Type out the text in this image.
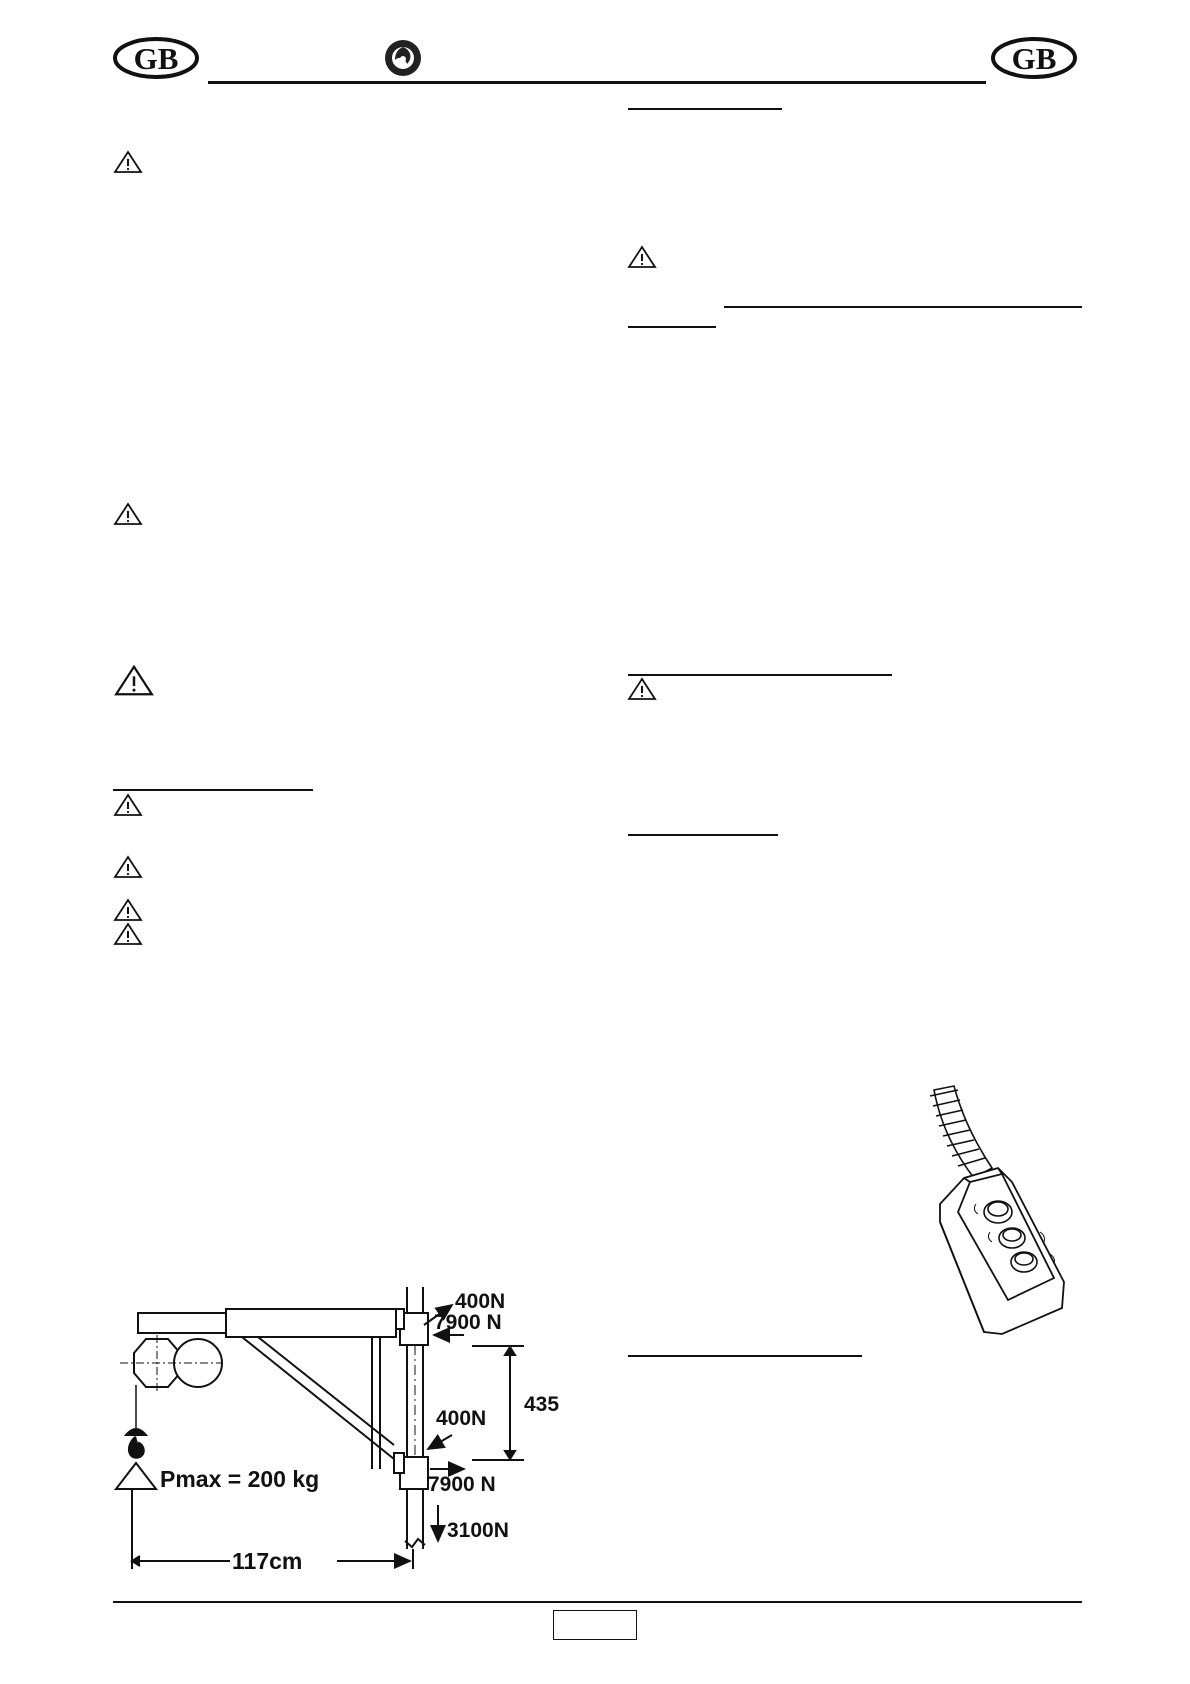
GB	GB
400N
7900 N
435
400N
7900 N
Pmax = 200 kg
3100N
117cm
